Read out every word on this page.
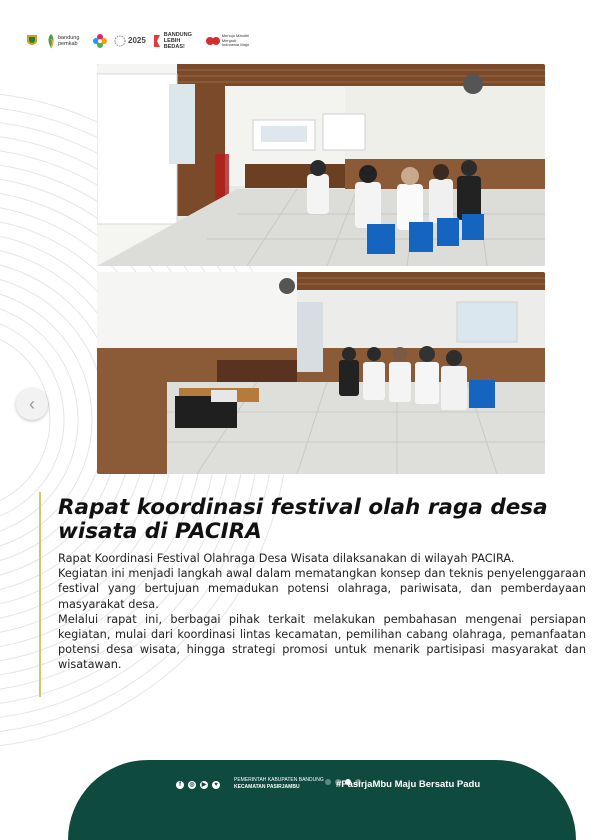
bandung pemkab	2025
BANDUNG LEBIH BEDAS!
Menuju Mandiri Menjadi Indonesia Maju
‹
Rapat koordinasi festival olah raga desa wisata di PACIRA

Rapat Koordinasi Festival Olahraga Desa Wisata dilaksanakan di wilayah PACIRA.

Kegiatan ini menjadi langkah awal dalam mematangkan konsep dan teknis penyelenggaraan festival yang bertujuan memadukan potensi olahraga, pariwisata, dan pemberdayaan masyarakat desa.

Melalui rapat ini, berbagai pihak terkait melakukan pembahasan mengenai persiapan kegiatan, mulai dari koordinasi lintas kecamatan, pemilihan cabang olahraga, pemanfaatan potensi desa wisata, hingga strategi promosi untuk menarik partisipasi masyarakat dan wisatawan.

f	◎ ▶	♥
PEMERINTAH KABUPATEN BANDUNG
KECAMATAN PASIRJAMBU	#PasirjaMbu Maju Bersatu Padu
